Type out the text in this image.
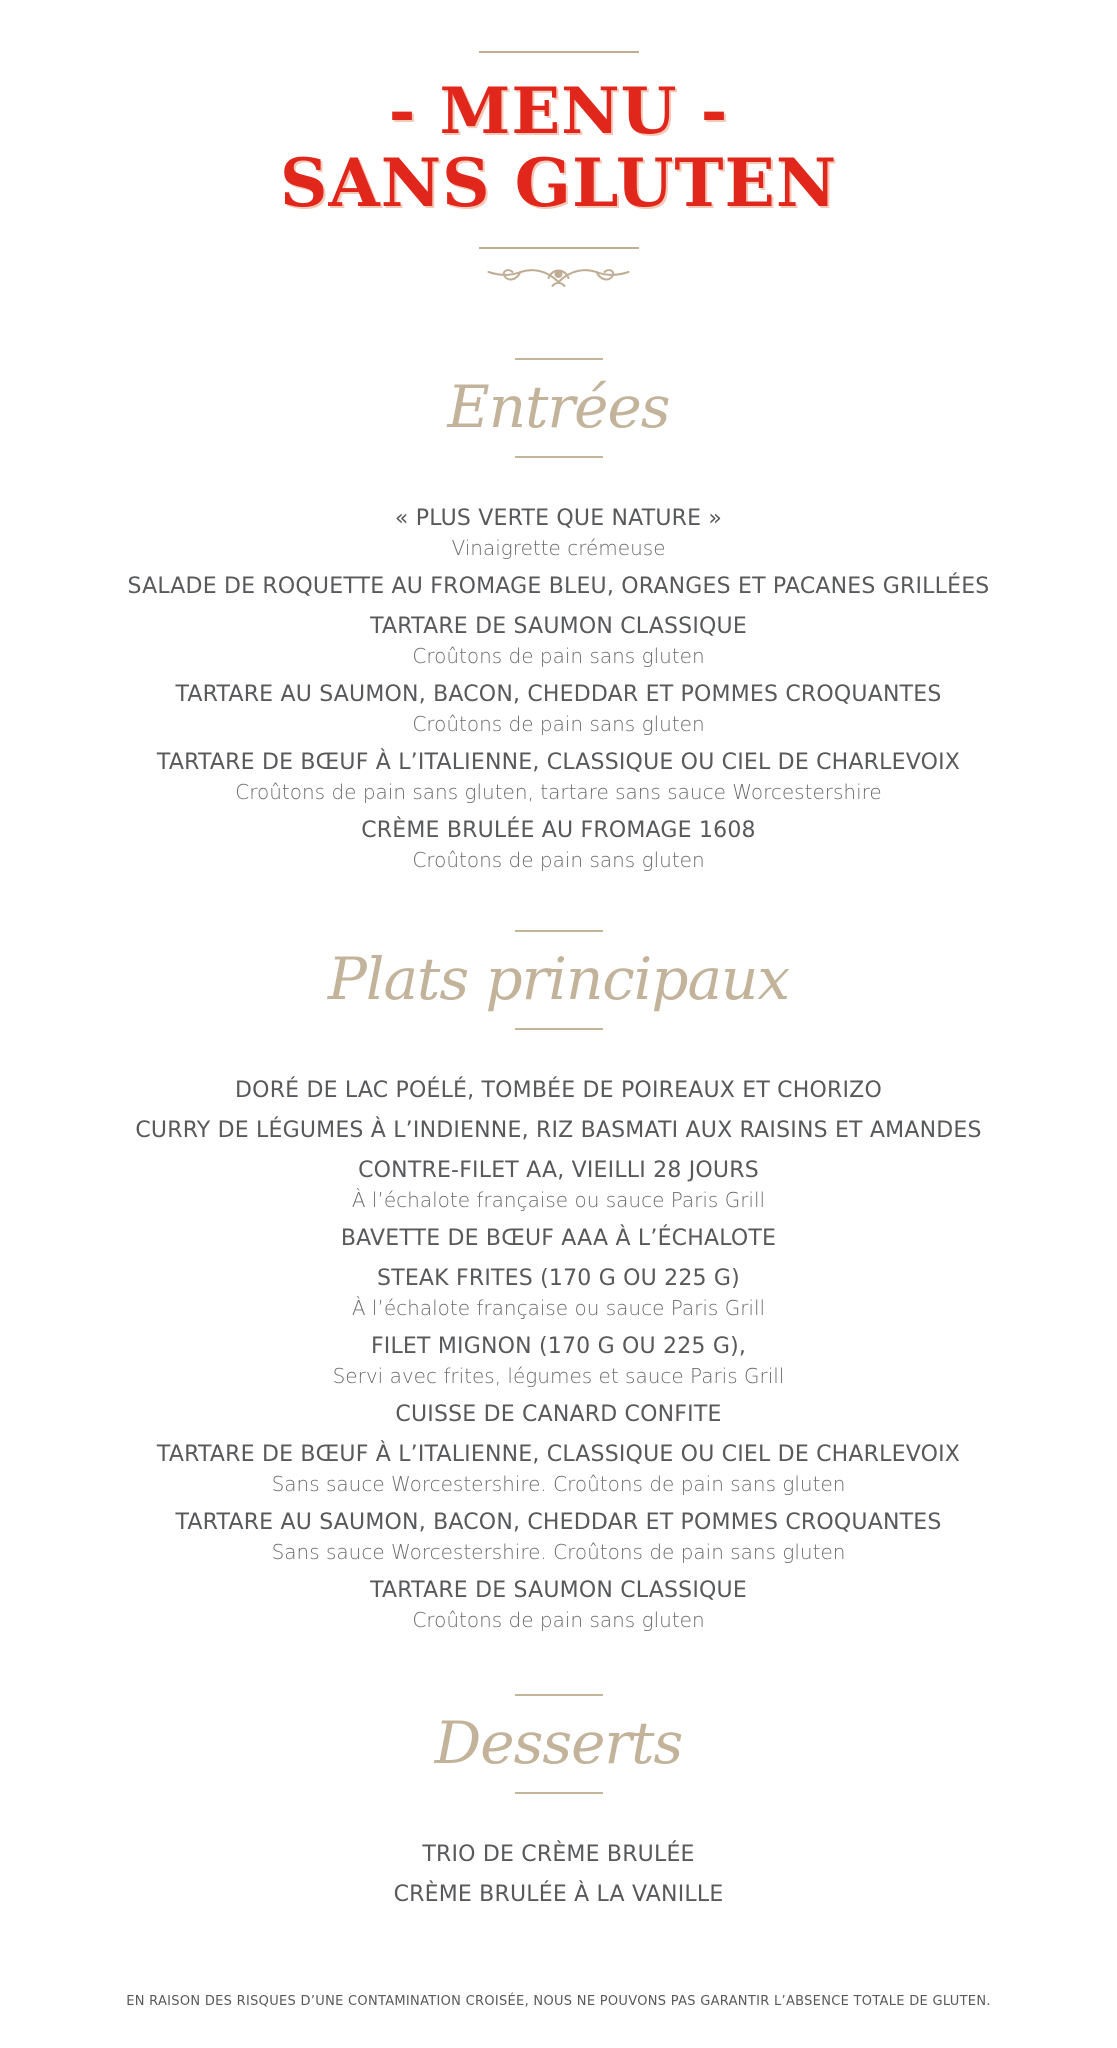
- MENU -
SANS GLUTEN
Entrées
« PLUS VERTE QUE NATURE »
Vinaigrette crémeuse
SALADE DE ROQUETTE AU FROMAGE BLEU, ORANGES ET PACANES GRILLÉES
TARTARE DE SAUMON CLASSIQUE
Croûtons de pain sans gluten
TARTARE AU SAUMON, BACON, CHEDDAR ET POMMES CROQUANTES
Croûtons de pain sans gluten
TARTARE DE BŒUF À L’ITALIENNE, CLASSIQUE OU CIEL DE CHARLEVOIX
Croûtons de pain sans gluten, tartare sans sauce Worcestershire
CRÈME BRULÉE AU FROMAGE 1608
Croûtons de pain sans gluten
Plats principaux
DORÉ DE LAC POÉLÉ, TOMBÉE DE POIREAUX ET CHORIZO
CURRY DE LÉGUMES À L’INDIENNE, RIZ BASMATI AUX RAISINS ET AMANDES
CONTRE-FILET AA, VIEILLI 28 JOURS
À l’échalote française ou sauce Paris Grill
BAVETTE DE BŒUF AAA À L’ÉCHALOTE
STEAK FRITES (170 G OU 225 G)
À l’échalote française ou sauce Paris Grill
FILET MIGNON (170 G OU 225 G),
Servi avec frites, légumes et sauce Paris Grill
CUISSE DE CANARD CONFITE
TARTARE DE BŒUF À L’ITALIENNE, CLASSIQUE OU CIEL DE CHARLEVOIX
Sans sauce Worcestershire. Croûtons de pain sans gluten
TARTARE AU SAUMON, BACON, CHEDDAR ET POMMES CROQUANTES
Sans sauce Worcestershire. Croûtons de pain sans gluten
TARTARE DE SAUMON CLASSIQUE
Croûtons de pain sans gluten
Desserts
TRIO DE CRÈME BRULÉE
CRÈME BRULÉE À LA VANILLE
EN RAISON DES RISQUES D’UNE CONTAMINATION CROISÉE, NOUS NE POUVONS PAS GARANTIR L’ABSENCE TOTALE DE GLUTEN.
